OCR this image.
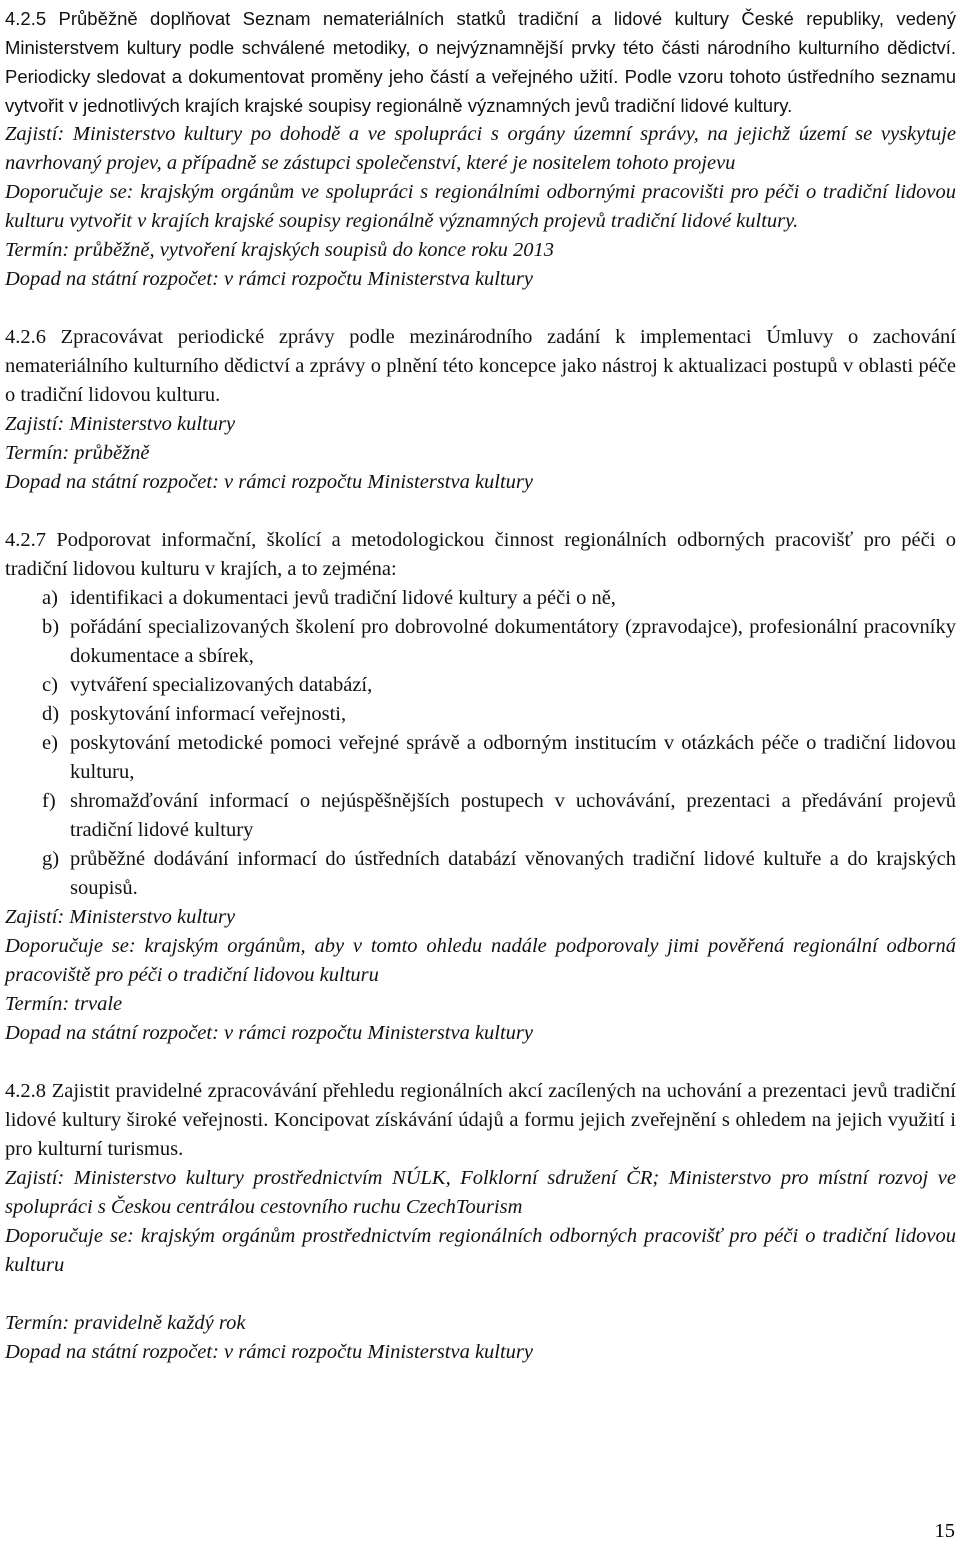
4.2.5 Průběžně doplňovat Seznam nemateriálních statků tradiční a lidové kultury České republiky, vedený Ministerstvem kultury podle schválené metodiky, o nejvýznamnější prvky této části národního kulturního dědictví. Periodicky sledovat a dokumentovat proměny jeho částí a veřejného užití. Podle vzoru tohoto ústředního seznamu vytvořit v jednotlivých krajích krajské soupisy regionálně významných jevů tradiční lidové kultury.

Zajistí: Ministerstvo kultury po dohodě a ve spolupráci s orgány územní správy, na jejichž území se vyskytuje navrhovaný projev, a případně se zástupci společenství, které je nositelem tohoto projevu

Doporučuje se: krajským orgánům ve spolupráci s regionálními odbornými pracovišti pro péči o tradiční lidovou kulturu vytvořit v krajích krajské soupisy regionálně významných projevů tradiční lidové kultury.

Termín: průběžně, vytvoření krajských soupisů do konce roku 2013

Dopad na státní rozpočet: v rámci rozpočtu Ministerstva kultury

4.2.6 Zpracovávat periodické zprávy podle mezinárodního zadání k implementaci Úmluvy o zachování nemateriálního kulturního dědictví a zprávy o plnění této koncepce jako nástroj k aktualizaci postupů v oblasti péče o tradiční lidovou kulturu.

Zajistí: Ministerstvo kultury

Termín: průběžně

Dopad na státní rozpočet: v rámci rozpočtu Ministerstva kultury

4.2.7 Podporovat informační, školící a metodologickou činnost regionálních odborných pracovišť pro péči o tradiční lidovou kulturu v krajích, a to zejména:

a) identifikaci a dokumentaci jevů tradiční lidové kultury a péči o ně,
b) pořádání specializovaných školení pro dobrovolné dokumentátory (zpravodajce), profesionální pracovníky dokumentace a sbírek,
c) vytváření specializovaných databází,
d) poskytování informací veřejnosti,
e) poskytování metodické pomoci veřejné správě a odborným institucím v otázkách péče o tradiční lidovou kulturu,
f) shromažďování informací o nejúspěšnějších postupech v uchovávání, prezentaci a předávání projevů tradiční lidové kultury
g) průběžné dodávání informací do ústředních databází věnovaných tradiční lidové kultuře a do krajských soupisů.

Zajistí: Ministerstvo kultury

Doporučuje se: krajským orgánům, aby v tomto ohledu nadále podporovaly jimi pověřená regionální odborná pracoviště pro péči o tradiční lidovou kulturu

Termín: trvale

Dopad na státní rozpočet: v rámci rozpočtu Ministerstva kultury

4.2.8 Zajistit pravidelné zpracovávání přehledu regionálních akcí zacílených na uchování a prezentaci jevů tradiční lidové kultury široké veřejnosti. Koncipovat získávání údajů a formu jejich zveřejnění s ohledem na jejich využití i pro kulturní turismus.

Zajistí: Ministerstvo kultury prostřednictvím NÚLK, Folklorní sdružení ČR; Ministerstvo pro místní rozvoj ve spolupráci s Českou centrálou cestovního ruchu CzechTourism

Doporučuje se: krajským orgánům prostřednictvím regionálních odborných pracovišť pro péči o tradiční lidovou kulturu

Termín: pravidelně každý rok

Dopad na státní rozpočet: v rámci rozpočtu Ministerstva kultury

15
